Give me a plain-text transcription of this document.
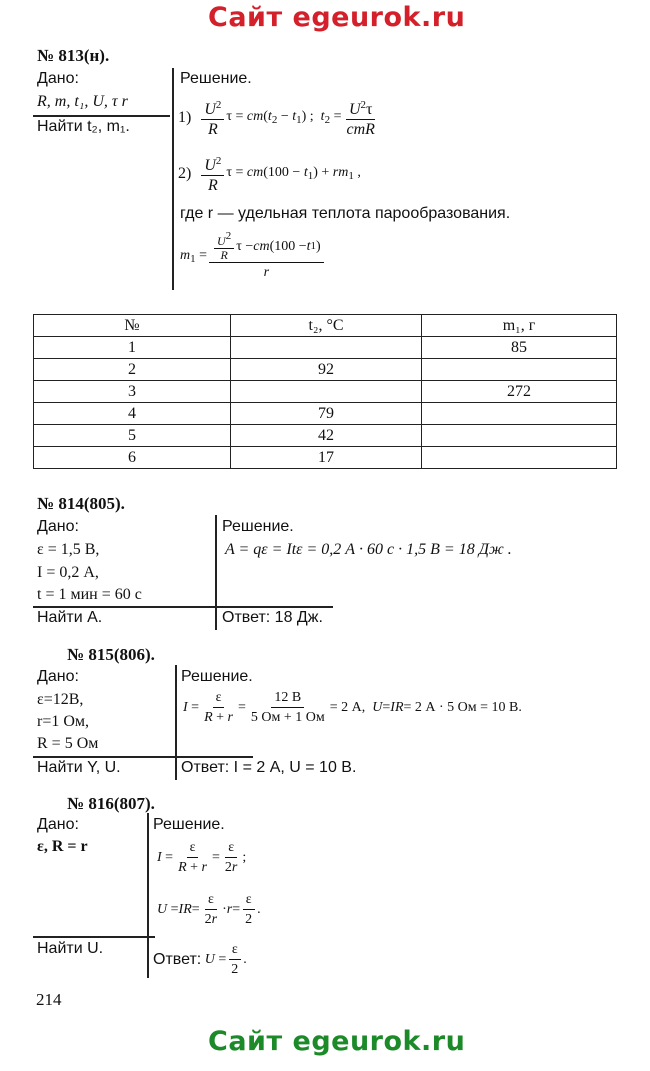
Сайт egeurok.ru
№ 813(н).
Дано:
R, m, t₁, U, τ r
Найти t₂, m₁.
Решение.
$1) \frac{U^2}{R}$ $\tau = cm(t_2 - t_1)$ ;  $t_2 = \frac{U^2\tau}{\text{cmR}}$
$2) \frac{U^2}{R}$ $\tau = cm(100 - t_1) + rm_1$ ,
где r — удельная теплота парообразования.
$m_1 = \frac{\frac{U^2}{R} \tau - cm (100 - t 1 )}{r}$
№	t₂, °C	m₁, г
1		85
2	92	
3		272
4	79	
5	42	
6	17	
№ 814(805).
Дано:
ε = 1,5 В,
I = 0,2 А,
t = 1 мин = 60 с
Найти A.
Решение.
A = qε = Itε = 0,2 А · 60 с · 1,5 В = 18 Дж .
Ответ: 18 Дж.
№ 815(806).
Дано:
ε=12В,
r=1 Ом,
R = 5 Ом
Найти Y, U.
Решение.
$I = \frac{\varepsilon}{R + r} = \frac{12 В}{5 Ом + 1 Ом} = 2$ А, U = IR = 2 А · 5 Ом = 10 В.
Ответ: I = 2 А, U = 10 В.
№ 816(807).
Дано:
ε, R = r
Найти U.
Решение.
$I = \frac{\varepsilon}{R + r} = \frac{\varepsilon}{2r}$ ;
U = IR = $\frac{\varepsilon}{2r} \cdot r = \frac{\varepsilon}{2}$ .
Ответ:
$U = \frac{\varepsilon}{2}$ .
214
Сайт egeurok.ru
